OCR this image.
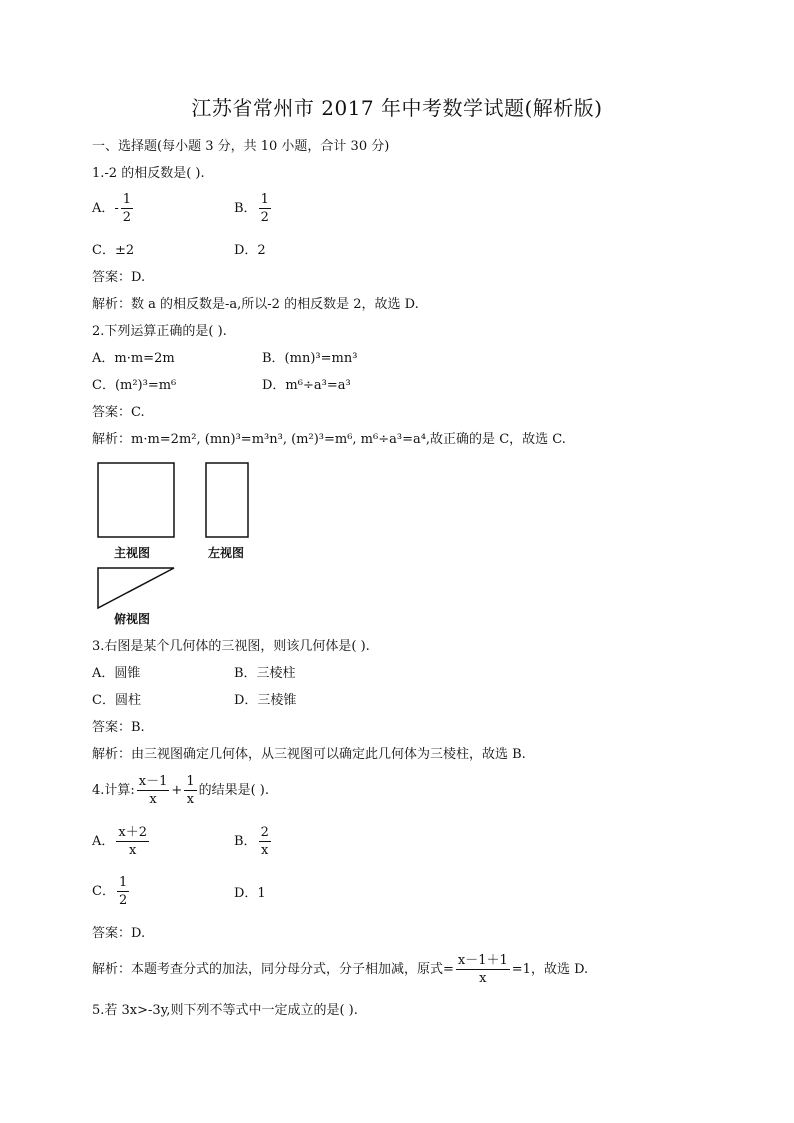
江苏省常州市 2017 年中考数学试题(解析版)
一、选择题(每小题 3 分，共 10 小题，合计 30 分)
1.-2 的相反数是( ).
A．- $\frac{1}{2}$	B． $\frac{1}{2}$
C．±2	D．2
答案：D.
解析：数 a 的相反数是-a,所以-2 的相反数是 2，故选 D.
2.下列运算正确的是( ).
A．m·m=2m	B．(mn)³=mn³
C．(m²)³=m⁶	D．m⁶÷a³=a³
答案：C.
解析：m·m=2m², (mn)³=m³n³, (m²)³=m⁶, m⁶÷a³=a⁴,故正确的是 C，故选 C.
主视图	左视图
俯视图
3.右图是某个几何体的三视图，则该几何体是( ).
A．圆锥	B．三棱柱
C．圆柱	D．三棱锥
答案：B.
解析：由三视图确定几何体，从三视图可以确定此几何体为三棱柱，故选 B.
4.计算: $\frac{x-1}{x} + \frac{1}{x}$ 的结果是( ).
A． $\frac{x+2}{x}$	B． $\frac{2}{x}$
C． $\frac{1}{2}$	D．1
答案：D.
解析：本题考查分式的加法，同分母分式，分子相加减，原式= $\frac{x-1+1}{x} =1$，故选 D.
5.若 3x>-3y,则下列不等式中一定成立的是( ).
